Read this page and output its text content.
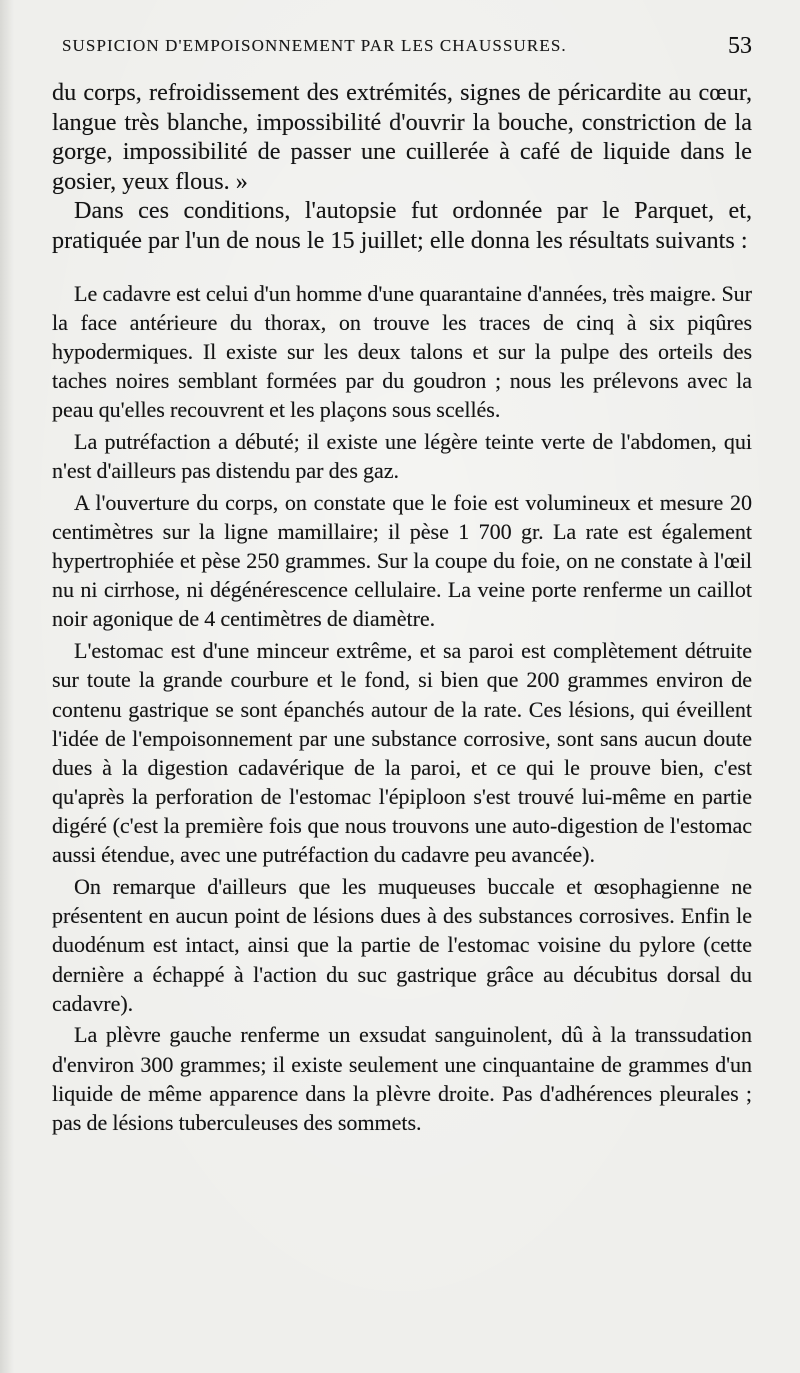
SUSPICION D'EMPOISONNEMENT PAR LES CHAUSSURES.	53

du corps, refroidissement des extrémités, signes de péricardite au cœur, langue très blanche, impossibilité d'ouvrir la bouche, constriction de la gorge, impossibilité de passer une cuillerée à café de liquide dans le gosier, yeux flous. »

Dans ces conditions, l'autopsie fut ordonnée par le Parquet, et, pratiquée par l'un de nous le 15 juillet; elle donna les résultats suivants :

Le cadavre est celui d'un homme d'une quarantaine d'années, très maigre. Sur la face antérieure du thorax, on trouve les traces de cinq à six piqûres hypodermiques. Il existe sur les deux talons et sur la pulpe des orteils des taches noires semblant formées par du goudron ; nous les prélevons avec la peau qu'elles recouvrent et les plaçons sous scellés.

La putréfaction a débuté; il existe une légère teinte verte de l'abdomen, qui n'est d'ailleurs pas distendu par des gaz.

A l'ouverture du corps, on constate que le foie est volumineux et mesure 20 centimètres sur la ligne mamillaire; il pèse 1 700 gr. La rate est également hypertrophiée et pèse 250 grammes. Sur la coupe du foie, on ne constate à l'œil nu ni cirrhose, ni dégénérescence cellulaire. La veine porte renferme un caillot noir agonique de 4 centimètres de diamètre.

L'estomac est d'une minceur extrême, et sa paroi est complètement détruite sur toute la grande courbure et le fond, si bien que 200 grammes environ de contenu gastrique se sont épanchés autour de la rate. Ces lésions, qui éveillent l'idée de l'empoisonnement par une substance corrosive, sont sans aucun doute dues à la digestion cadavérique de la paroi, et ce qui le prouve bien, c'est qu'après la perforation de l'estomac l'épiploon s'est trouvé lui-même en partie digéré (c'est la première fois que nous trouvons une auto-digestion de l'estomac aussi étendue, avec une putréfaction du cadavre peu avancée).

On remarque d'ailleurs que les muqueuses buccale et œsophagienne ne présentent en aucun point de lésions dues à des substances corrosives. Enfin le duodénum est intact, ainsi que la partie de l'estomac voisine du pylore (cette dernière a échappé à l'action du suc gastrique grâce au décubitus dorsal du cadavre).

La plèvre gauche renferme un exsudat sanguinolent, dû à la transsudation d'environ 300 grammes; il existe seulement une cinquantaine de grammes d'un liquide de même apparence dans la plèvre droite. Pas d'adhérences pleurales ; pas de lésions tuberculeuses des sommets.
